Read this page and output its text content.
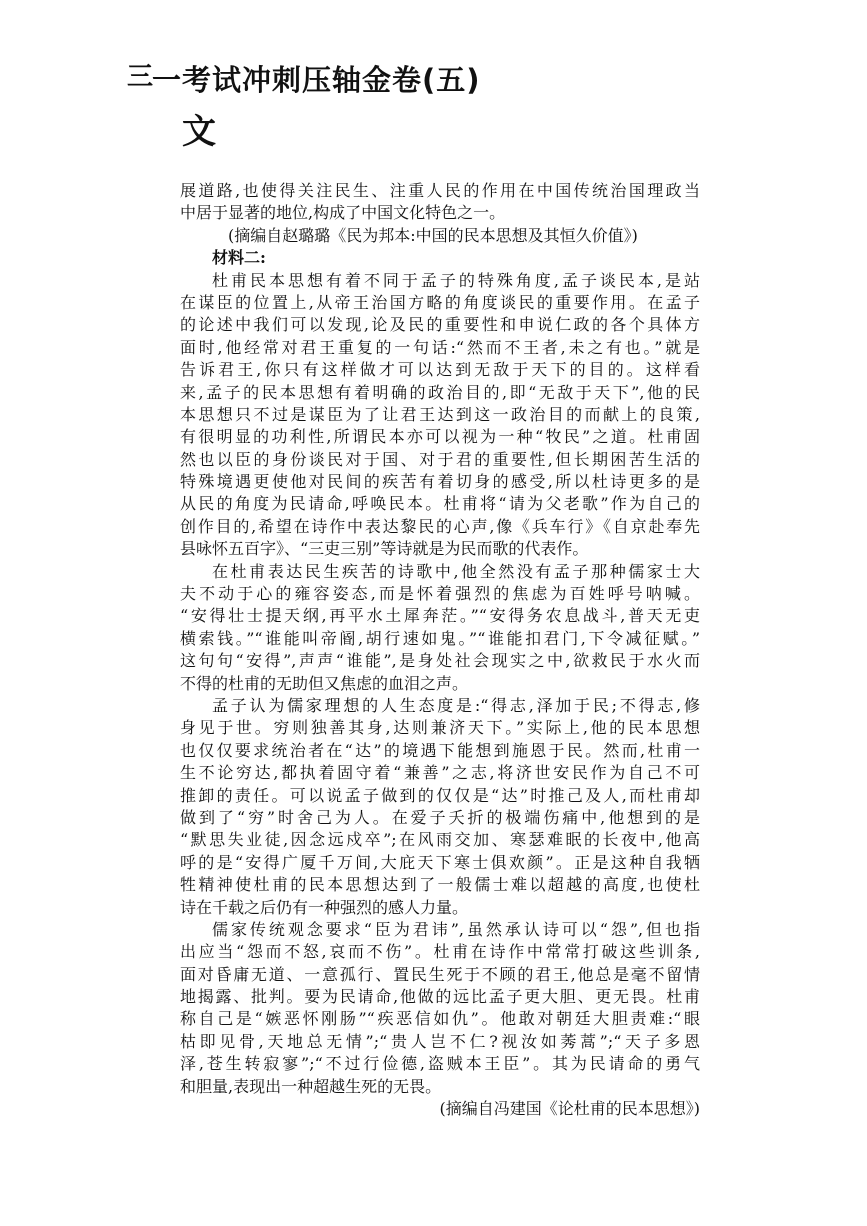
三
一考试冲刺压轴金卷(五)
文
展道路,也使得关注民生、注重人民的作用在中国传统治国理政当
中居于显著的地位,构成了中国文化特色之一。
(摘编自赵璐璐《民为邦本:中国的民本思想及其恒久价值》)
材料二:
杜甫民本思想有着不同于孟子的特殊角度,孟子谈民本,是站
在谋臣的位置上,从帝王治国方略的角度谈民的重要作用。在孟子
的论述中我们可以发现,论及民的重要性和申说仁政的各个具体方
面时,他经常对君王重复的一句话:“然而不王者,未之有也。”就是
告诉君王,你只有这样做才可以达到无敌于天下的目的。这样看
来,孟子的民本思想有着明确的政治目的,即“无敌于天下”,他的民
本思想只不过是谋臣为了让君王达到这一政治目的而献上的良策,
有很明显的功利性,所谓民本亦可以视为一种“牧民”之道。杜甫固
然也以臣的身份谈民对于国、对于君的重要性,但长期困苦生活的
特殊境遇更使他对民间的疾苦有着切身的感受,所以杜诗更多的是
从民的角度为民请命,呼唤民本。杜甫将“请为父老歌”作为自己的
创作目的,希望在诗作中表达黎民的心声,像《兵车行》《自京赴奉先
县咏怀五百字》、“三吏三别”等诗就是为民而歌的代表作。
在杜甫表达民生疾苦的诗歌中,他全然没有孟子那种儒家士大
夫不动于心的雍容姿态,而是怀着强烈的焦虑为百姓呼号呐喊。
“安得壮士提天纲,再平水土犀奔茫。”“安得务农息战斗,普天无吏
横索钱。”“谁能叫帝阍,胡行速如鬼。”“谁能扣君门,下令减征赋。”
这句句“安得”,声声“谁能”,是身处社会现实之中,欲救民于水火而
不得的杜甫的无助但又焦虑的血泪之声。
孟子认为儒家理想的人生态度是:“得志,泽加于民;不得志,修
身见于世。穷则独善其身,达则兼济天下。”实际上,他的民本思想
也仅仅要求统治者在“达”的境遇下能想到施恩于民。然而,杜甫一
生不论穷达,都执着固守着“兼善”之志,将济世安民作为自己不可
推卸的责任。可以说孟子做到的仅仅是“达”时推己及人,而杜甫却
做到了“穷”时舍己为人。在爱子夭折的极端伤痛中,他想到的是
“默思失业徒,因念远戍卒”;在风雨交加、寒瑟难眠的长夜中,他高
呼的是“安得广厦千万间,大庇天下寒士俱欢颜”。正是这种自我牺
牲精神使杜甫的民本思想达到了一般儒士难以超越的高度,也使杜
诗在千载之后仍有一种强烈的感人力量。
儒家传统观念要求“臣为君讳”,虽然承认诗可以“怨”,但也指
出应当“怨而不怒,哀而不伤”。杜甫在诗作中常常打破这些训条,
面对昏庸无道、一意孤行、置民生死于不顾的君王,他总是毫不留情
地揭露、批判。要为民请命,他做的远比孟子更大胆、更无畏。杜甫
称自己是“嫉恶怀刚肠”“疾恶信如仇”。他敢对朝廷大胆责难:“眼
枯即见骨,天地总无情”;“贵人岂不仁?视汝如莠蒿”;“天子多恩
泽,苍生转寂寥”;“不过行俭德,盗贼本王臣”。其为民请命的勇气
和胆量,表现出一种超越生死的无畏。
(摘编自冯建国《论杜甫的民本思想》)
